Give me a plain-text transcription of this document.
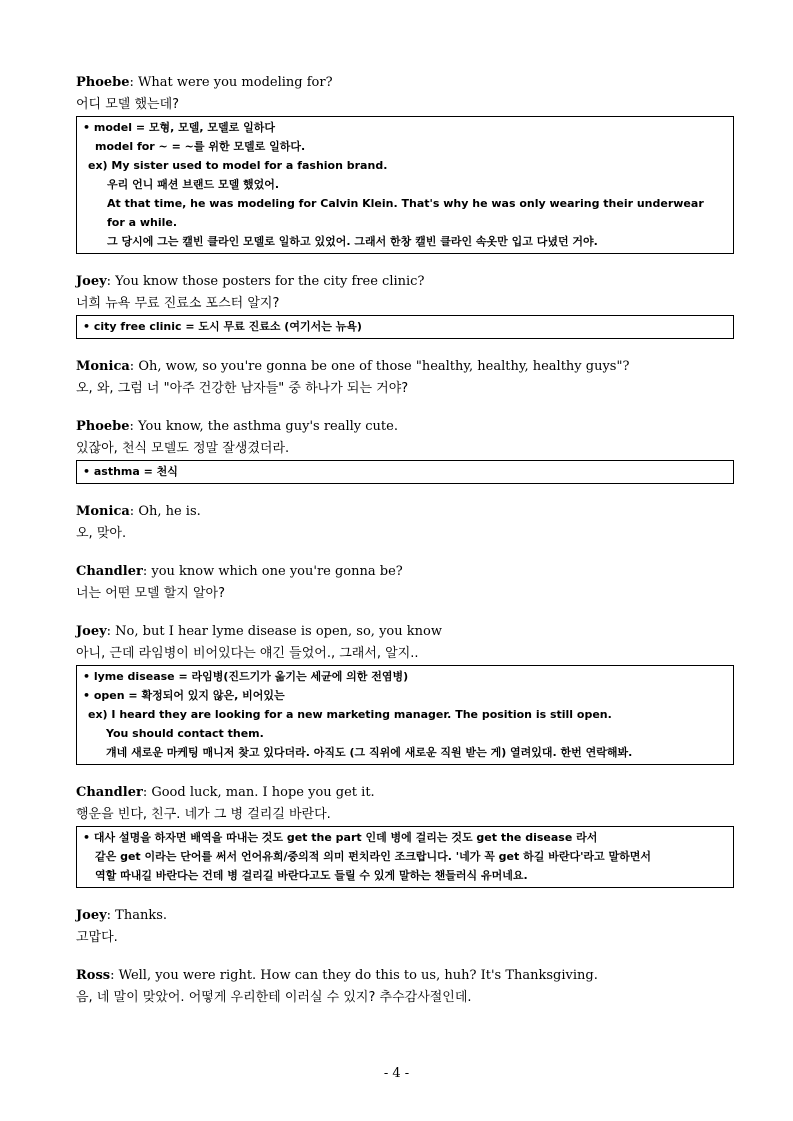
Phoebe: What were you modeling for?
어디 모델 했는데?
• model = 모형, 모델, 모델로 일하다
model for ~ = ~를 위한 모델로 일하다.
ex) My sister used to model for a fashion brand.
우리 언니 패션 브랜드 모델 했었어.
At that time, he was modeling for Calvin Klein. That's why he was only wearing their underwear
for a while.
그 당시에 그는 캘빈 클라인 모델로 일하고 있었어. 그래서 한창 캘빈 클라인 속옷만 입고 다녔던 거야.
Joey: You know those posters for the city free clinic?
너희 뉴욕 무료 진료소 포스터 알지?
• city free clinic = 도시 무료 진료소 (여기서는 뉴욕)
Monica: Oh, wow, so you're gonna be one of those "healthy, healthy, healthy guys"?
오, 와, 그럼 너 "아주 건강한 남자들" 중 하나가 되는 거야?
Phoebe: You know, the asthma guy's really cute.
있잖아, 천식 모델도 정말 잘생겼더라.
• asthma = 천식
Monica: Oh, he is.
오, 맞아.
Chandler: you know which one you're gonna be?
너는 어떤 모델 할지 알아?
Joey: No, but I hear lyme disease is open, so, you know
아니, 근데 라임병이 비어있다는 얘긴 들었어., 그래서, 알지..
• lyme disease = 라임병(진드기가 옮기는 세균에 의한 전염병)
• open = 확정되어 있지 않은, 비어있는
ex) I heard they are looking for a new marketing manager. The position is still open.
You should contact them.
걔네 새로운 마케팅 매니저 찾고 있다더라. 아직도 (그 직위에 새로운 직원 받는 게) 열려있대. 한번 연락해봐.
Chandler: Good luck, man. I hope you get it.
행운을 빈다, 친구. 네가 그 병 걸리길 바란다.
• 대사 설명을 하자면 배역을 따내는 것도 get the part 인데 병에 걸리는 것도 get the disease 라서
같은 get 이라는 단어를 써서 언어유희/중의적 의미 펀치라인 조크랍니다. '네가 꼭 get 하길 바란다'라고 말하면서
역할 따내길 바란다는 건데 병 걸리길 바란다고도 들릴 수 있게 말하는 챈들러식 유머네요.
Joey: Thanks.
고맙다.
Ross: Well, you were right. How can they do this to us, huh? It's Thanksgiving.
음, 네 말이 맞았어. 어떻게 우리한테 이러실 수 있지? 추수감사절인데.
- 4 -
